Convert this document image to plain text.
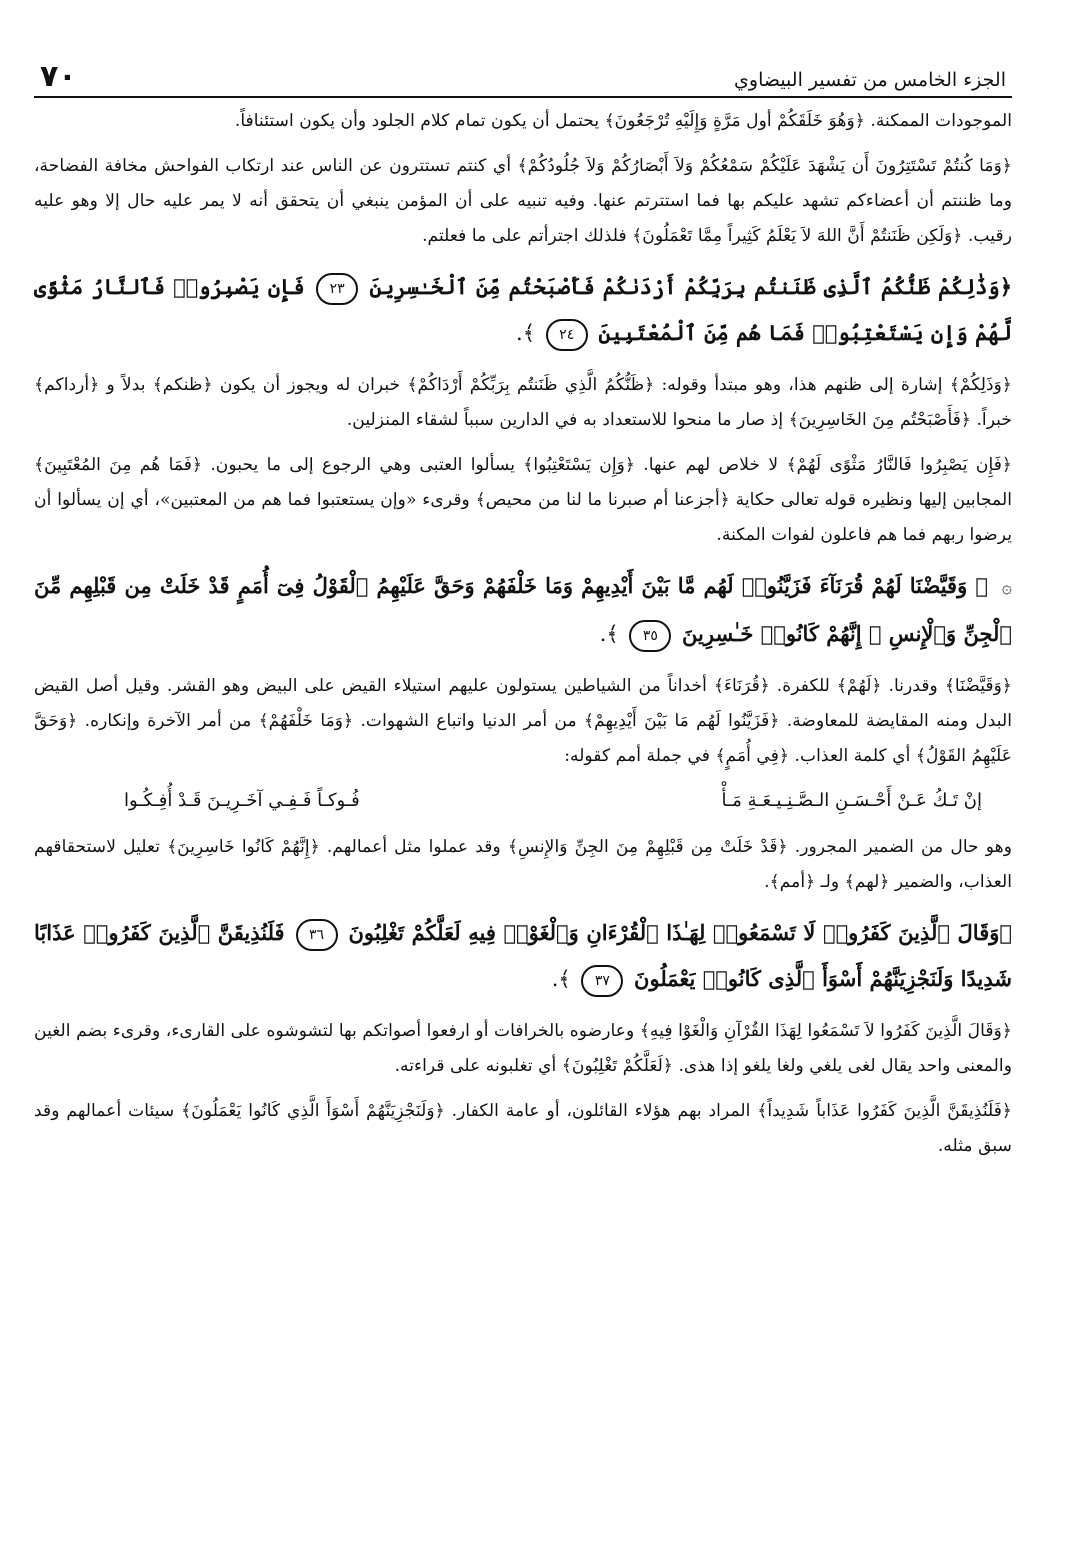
الجزء الخامس من تفسير البيضاوي
٧٠

الموجودات الممكنة. ﴿وَهُوَ خَلَقَكُمْ أول مَرَّةٍ وَإِلَيْهِ تُرْجَعُونَ﴾ يحتمل أن يكون تمام كلام الجلود وأن يكون استئنافاً.

﴿وَمَا كُنتُمْ تَسْتَتِرُونَ أَن يَشْهَدَ عَلَيْكُمْ سَمْعُكُمْ وَلاَ أَبْصَارُكُمْ وَلاَ جُلُودُكُمْ﴾ أي كنتم تستترون عن الناس عند ارتكاب الفواحش مخافة الفضاحة، وما ظننتم أن أعضاءكم تشهد عليكم بها فما استترتم عنها. وفيه تنبيه على أن المؤمن ينبغي أن يتحقق أنه لا يمر عليه حال إلا وهو عليه رقيب. ﴿وَلَكِن ظَنَنتُمْ أَنَّ اللهَ لاَ يَعْلَمُ كَثِيراً مِمَّا تَعْمَلُونَ﴾ فلذلك اجترأتم على ما فعلتم.

﴿وَذَٰلِكُمْ ظَنُّكُمُ ٱلَّذِى ظَنَنتُم بِرَبِّكُمْ أَرْدَىٰكُمْ فَأَصْبَحْتُم مِّنَ ٱلْخَـٰسِرِينَ ٢٣ فَإِن يَصْبِرُوا۟ فَٱلنَّارُ مَثْوًى لَّهُمْ وَإِن يَسْتَعْتِبُوا۟ فَمَا هُم مِّنَ ٱلْمُعْتَبِينَ ٢٤ ﴾.

﴿وَذَلِكُمْ﴾ إشارة إلى ظنهم هذا، وهو مبتدأ وقوله: ﴿ظَنُّكُمُ الَّذِي ظَنَنتُم بِرَبِّكُمْ أَرْدَاكُمْ﴾ خبران له ويجوز أن يكون ﴿ظنكم﴾ بدلاً و ﴿أرداكم﴾ خبراً. ﴿فَأَصْبَحْتُم مِنَ الخَاسِرِينَ﴾ إذ صار ما منحوا للاستعداد به في الدارين سبباً لشقاء المنزلين.

﴿فَإِن يَصْبِرُوا فَالنَّارُ مَثْوًى لَهُمْ﴾ لا خلاص لهم عنها. ﴿وَإِن يَسْتَعْتِبُوا﴾ يسألوا العتبى وهي الرجوع إلى ما يحبون. ﴿فَمَا هُم مِنَ المُعْتَبِينَ﴾ المجابين إليها ونظيره قوله تعالى حكاية ﴿أجزعنا أم صبرنا ما لنا من محيص﴾ وقرىء «وإن يستعتبوا فما هم من المعتبين»، أي إن يسألوا أن يرضوا ربهم فما هم فاعلون لفوات المكنة.

۞ ﴿ وَقَيَّضْنَا لَهُمْ قُرَنَآءَ فَزَيَّنُوا۟ لَهُم مَّا بَيْنَ أَيْدِيهِمْ وَمَا خَلْفَهُمْ وَحَقَّ عَلَيْهِمُ ٱلْقَوْلُ فِىٓ أُمَمٍ قَدْ خَلَتْ مِن قَبْلِهِم مِّنَ ٱلْجِنِّ وَٱلْإِنسِ ۖ إِنَّهُمْ كَانُوا۟ خَـٰسِرِينَ ٣٥ ﴾.

﴿وَقَيَّضْنَا﴾ وقدرنا. ﴿لَهُمْ﴾ للكفرة. ﴿قُرَنَاءَ﴾ أخداناً من الشياطين يستولون عليهم استيلاء القيض على البيض وهو القشر. وقيل أصل القيض البدل ومنه المقايضة للمعاوضة. ﴿فَزَيَّنُوا لَهُم مَا بَيْنَ أَيْدِيهِمْ﴾ من أمر الدنيا واتباع الشهوات. ﴿وَمَا خَلْفَهُمْ﴾ من أمر الآخرة وإنكاره. ﴿وَحَقَّ عَلَيْهِمُ القَوْلُ﴾ أي كلمة العذاب. ﴿فِي أُمَمٍ﴾ في جملة أمم كقوله:

إنْ تَـكُ عَـنْ أَحْـسَـنِ الـصَّـنِـيـعَـةِ مَـأْ
فُـوكـاً فَـفِـي آخَـرِيـنَ قَـدْ أُفِـكُـوا

وهو حال من الضمير المجرور. ﴿قَدْ خَلَتْ مِن قَبْلِهِمْ مِنَ الجِنِّ وَالإِنسِ﴾ وقد عملوا مثل أعمالهم. ﴿إِنَّهُمْ كَانُوا خَاسِرِينَ﴾ تعليل لاستحقاقهم العذاب، والضمير ﴿لهم﴾ ولـ ﴿أمم﴾.

﴿وَقَالَ ٱلَّذِينَ كَفَرُوا۟ لَا تَسْمَعُوا۟ لِهَـٰذَا ٱلْقُرْءَانِ وَٱلْغَوْا۟ فِيهِ لَعَلَّكُمْ تَغْلِبُونَ ٣٦ فَلَنُذِيقَنَّ ٱلَّذِينَ كَفَرُوا۟ عَذَابًا شَدِيدًا وَلَنَجْزِيَنَّهُمْ أَسْوَأَ ٱلَّذِى كَانُوا۟ يَعْمَلُونَ ٣٧ ﴾.

﴿وَقَالَ الَّذِينَ كَفَرُوا لاَ تَسْمَعُوا لِهَذَا القُرْآنِ وَالْغَوْا فِيهِ﴾ وعارضوه بالخرافات أو ارفعوا أصواتكم بها لتشوشوه على القارىء، وقرىء بضم الغين والمعنى واحد يقال لغى يلغي ولغا يلغو إذا هذى. ﴿لَعَلَّكُمْ تَغْلِبُونَ﴾ أي تغلبونه على قراءته.

﴿فَلَنُذِيقَنَّ الَّذِينَ كَفَرُوا عَذَاباً شَدِيداً﴾ المراد بهم هؤلاء القائلون، أو عامة الكفار. ﴿وَلَنَجْزِيَنَّهُمْ أَسْوَأَ الَّذِي كَانُوا يَعْمَلُونَ﴾ سيئات أعمالهم وقد سبق مثله.
